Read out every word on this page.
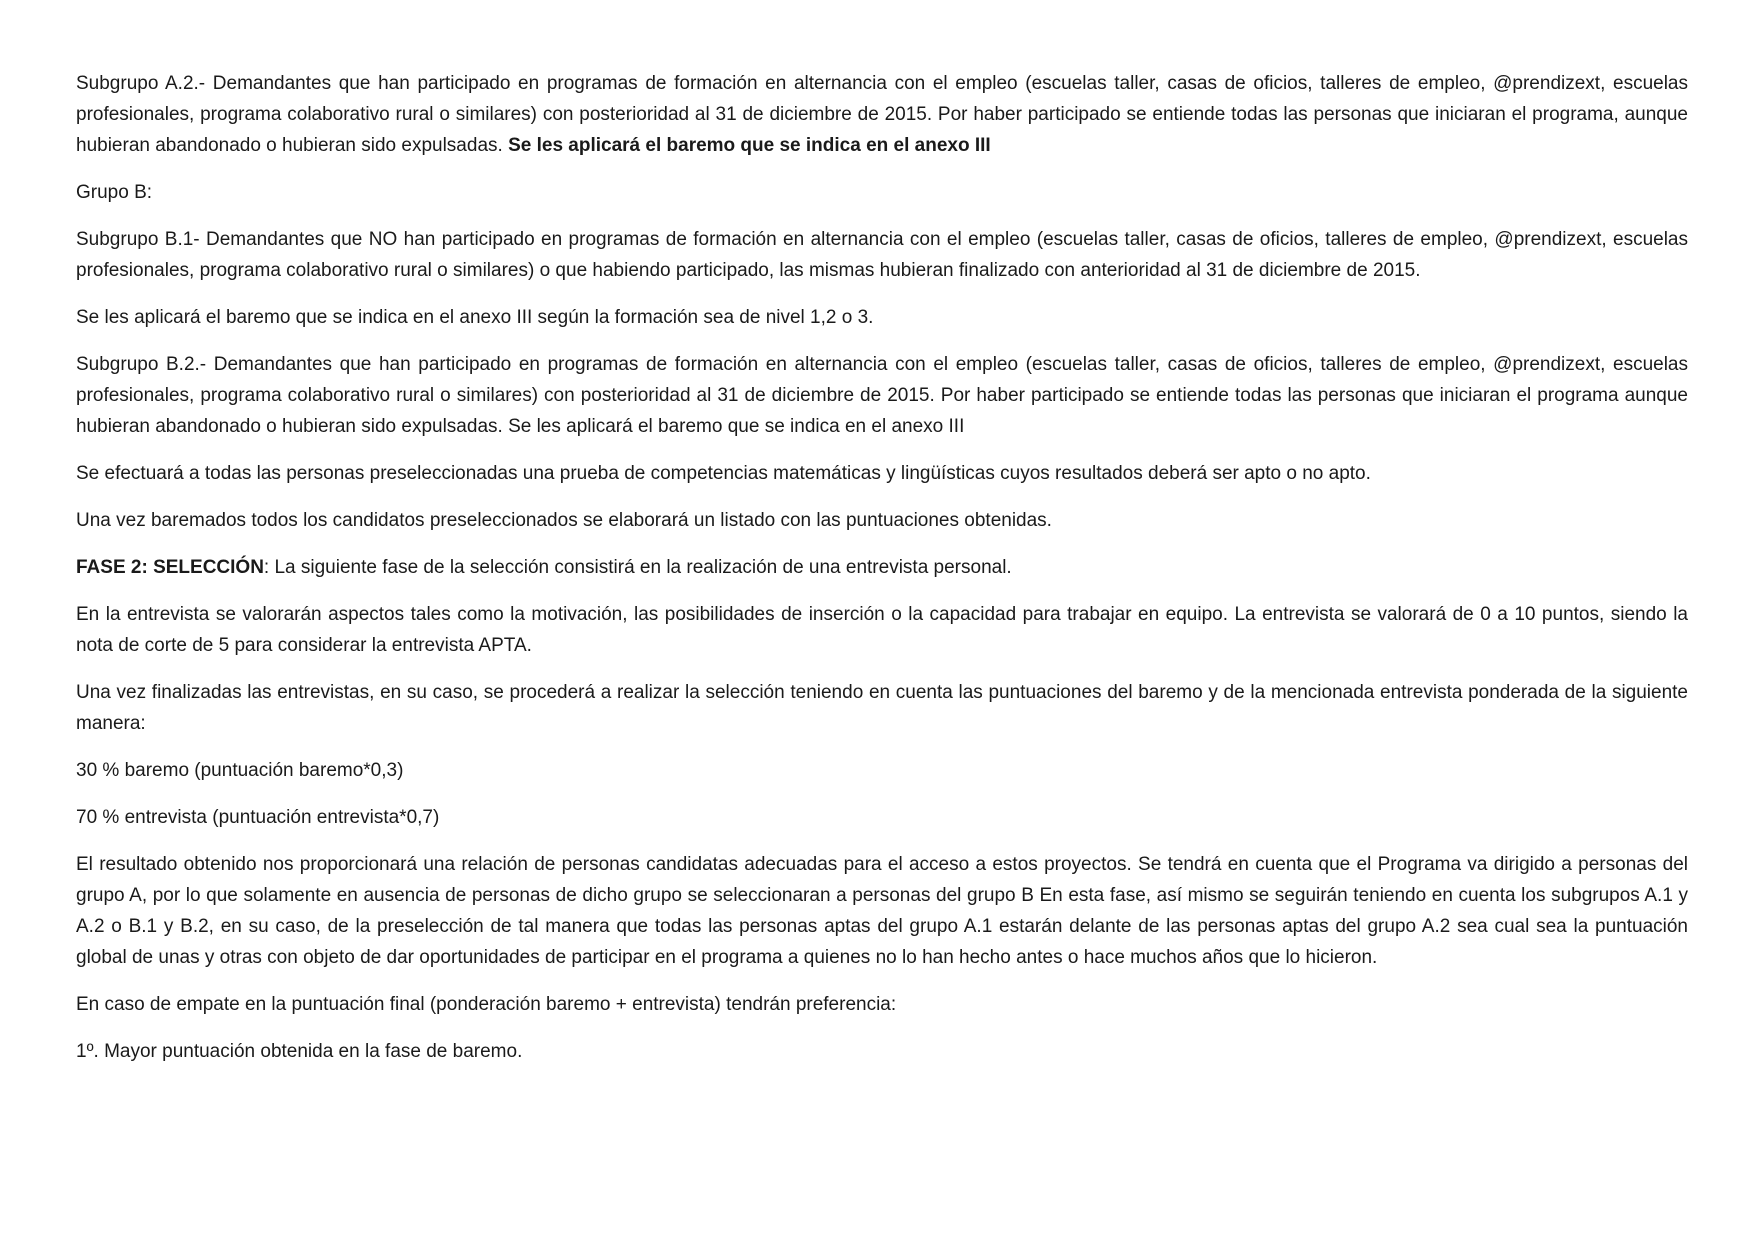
Subgrupo A.2.- Demandantes que han participado en programas de formación en alternancia con el empleo (escuelas taller, casas de oficios, talleres de empleo, @prendizext, escuelas profesionales, programa colaborativo rural o similares) con posterioridad al 31 de diciembre de 2015. Por haber participado se entiende todas las personas que iniciaran el programa, aunque hubieran abandonado o hubieran sido expulsadas. Se les aplicará el baremo que se indica en el anexo III

Grupo B:

Subgrupo B.1- Demandantes que NO han participado en programas de formación en alternancia con el empleo (escuelas taller, casas de oficios, talleres de empleo, @prendizext, escuelas profesionales, programa colaborativo rural o similares) o que habiendo participado, las mismas hubieran finalizado con anterioridad al 31 de diciembre de 2015.

Se les aplicará el baremo que se indica en el anexo III según la formación sea de nivel 1,2 o 3.

Subgrupo B.2.- Demandantes que han participado en programas de formación en alternancia con el empleo (escuelas taller, casas de oficios, talleres de empleo, @prendizext, escuelas profesionales, programa colaborativo rural o similares) con posterioridad al 31 de diciembre de 2015. Por haber participado se entiende todas las personas que iniciaran el programa aunque hubieran abandonado o hubieran sido expulsadas. Se les aplicará el baremo que se indica en el anexo III

Se efectuará a todas las personas preseleccionadas una prueba de competencias matemáticas y lingüísticas cuyos resultados deberá ser apto o no apto.

Una vez baremados todos los candidatos preseleccionados se elaborará un listado con las puntuaciones obtenidas.

FASE 2: SELECCIÓN: La siguiente fase de la selección consistirá en la realización de una entrevista personal.

En la entrevista se valorarán aspectos tales como la motivación, las posibilidades de inserción o la capacidad para trabajar en equipo. La entrevista se valorará de 0 a 10 puntos, siendo la nota de corte de 5 para considerar la entrevista APTA.

Una vez finalizadas las entrevistas, en su caso, se procederá a realizar la selección teniendo en cuenta las puntuaciones del baremo y de la mencionada entrevista ponderada de la siguiente manera:

30 % baremo (puntuación baremo*0,3)

70 % entrevista (puntuación entrevista*0,7)

El resultado obtenido nos proporcionará una relación de personas candidatas adecuadas para el acceso a estos proyectos. Se tendrá en cuenta que el Programa va dirigido a personas del grupo A, por lo que solamente en ausencia de personas de dicho grupo se seleccionaran a personas del grupo B En esta fase, así mismo se seguirán teniendo en cuenta los subgrupos A.1 y A.2 o B.1 y B.2, en su caso, de la preselección de tal manera que todas las personas aptas del grupo A.1 estarán delante de las personas aptas del grupo A.2 sea cual sea la puntuación global de unas y otras con objeto de dar oportunidades de participar en el programa a quienes no lo han hecho antes o hace muchos años que lo hicieron.

En caso de empate en la puntuación final (ponderación baremo + entrevista) tendrán preferencia:

1º. Mayor puntuación obtenida en la fase de baremo.
